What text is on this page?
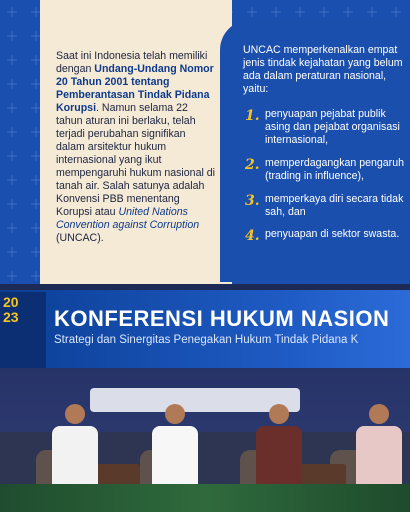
Saat ini Indonesia telah memiliki dengan Undang-Undang Nomor 20 Tahun 2001 tentang Pemberantasan Tindak Pidana Korupsi. Namun selama 22 tahun aturan ini berlaku, telah terjadi perubahan signifikan dalam arsitektur hukum internasional yang ikut mempengaruhi hukum nasional di tanah air. Salah satunya adalah Konvensi PBB menentang Korupsi atau United Nations Convention against Corruption (UNCAC).
UNCAC memperkenalkan empat jenis tindak kejahatan yang belum ada dalam peraturan nasional, yaitu:
1. penyuapan pejabat publik asing dan pejabat organisasi internasional,
2. memperdagangkan pengaruh (trading in influence),
3. memperkaya diri secara tidak sah, dan
4. penyuapan di sektor swasta.
20
23	KONFERENSI HUKUM NASION
Strategi dan Sinergitas Penegakan Hukum Tindak Pidana K
